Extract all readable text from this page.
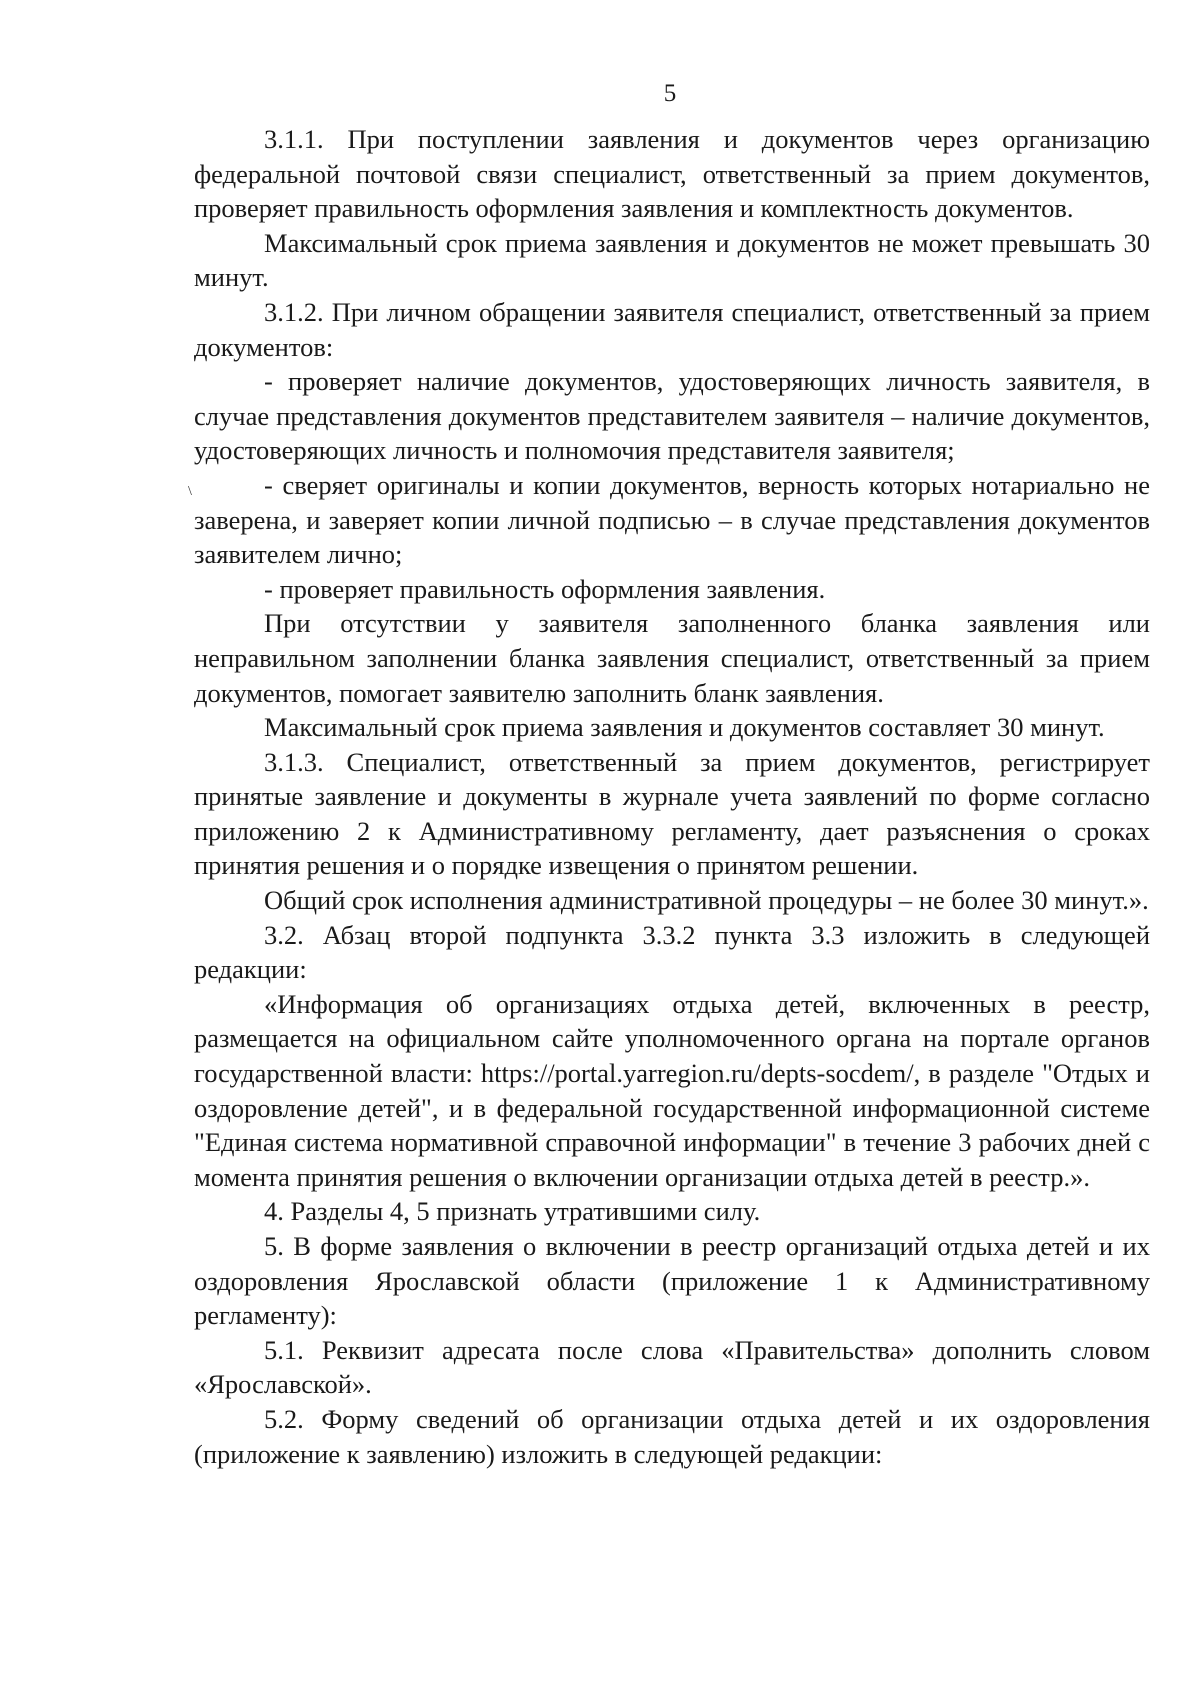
5
\

3.1.1. При поступлении заявления и документов через организацию федеральной почтовой связи специалист, ответственный за прием документов, проверяет правильность оформления заявления и комплектность документов.

Максимальный срок приема заявления и документов не может превышать 30 минут.

3.1.2. При личном обращении заявителя специалист, ответственный за прием документов:

- проверяет наличие документов, удостоверяющих личность заявителя, в случае представления документов представителем заявителя – наличие документов, удостоверяющих личность и полномочия представителя заявителя;

- сверяет оригиналы и копии документов, верность которых нотариально не заверена, и заверяет копии личной подписью – в случае представления документов заявителем лично;

- проверяет правильность оформления заявления.

При отсутствии у заявителя заполненного бланка заявления или неправильном заполнении бланка заявления специалист, ответственный за прием документов, помогает заявителю заполнить бланк заявления.

Максимальный срок приема заявления и документов составляет 30 минут.

3.1.3. Специалист, ответственный за прием документов, регистрирует принятые заявление и документы в журнале учета заявлений по форме согласно приложению 2 к Административному регламенту, дает разъяснения о сроках принятия решения и о порядке извещения о принятом решении.

Общий срок исполнения административной процедуры – не более 30 минут.».

3.2. Абзац второй подпункта 3.3.2 пункта 3.3 изложить в следующей редакции:

«Информация об организациях отдыха детей, включенных в реестр, размещается на официальном сайте уполномоченного органа на портале органов государственной власти: https://portal.yarregion.ru/depts-socdem/, в разделе "Отдых и оздоровление детей", и в федеральной государственной информационной системе "Единая система нормативной справочной информации" в течение 3 рабочих дней с момента принятия решения о включении организации отдыха детей в реестр.».

4. Разделы 4, 5 признать утратившими силу.

5. В форме заявления о включении в реестр организаций отдыха детей и их оздоровления Ярославской области (приложение 1 к Административному регламенту):

5.1. Реквизит адресата после слова «Правительства» дополнить словом «Ярославской».

5.2. Форму сведений об организации отдыха детей и их оздоровления (приложение к заявлению) изложить в следующей редакции:
